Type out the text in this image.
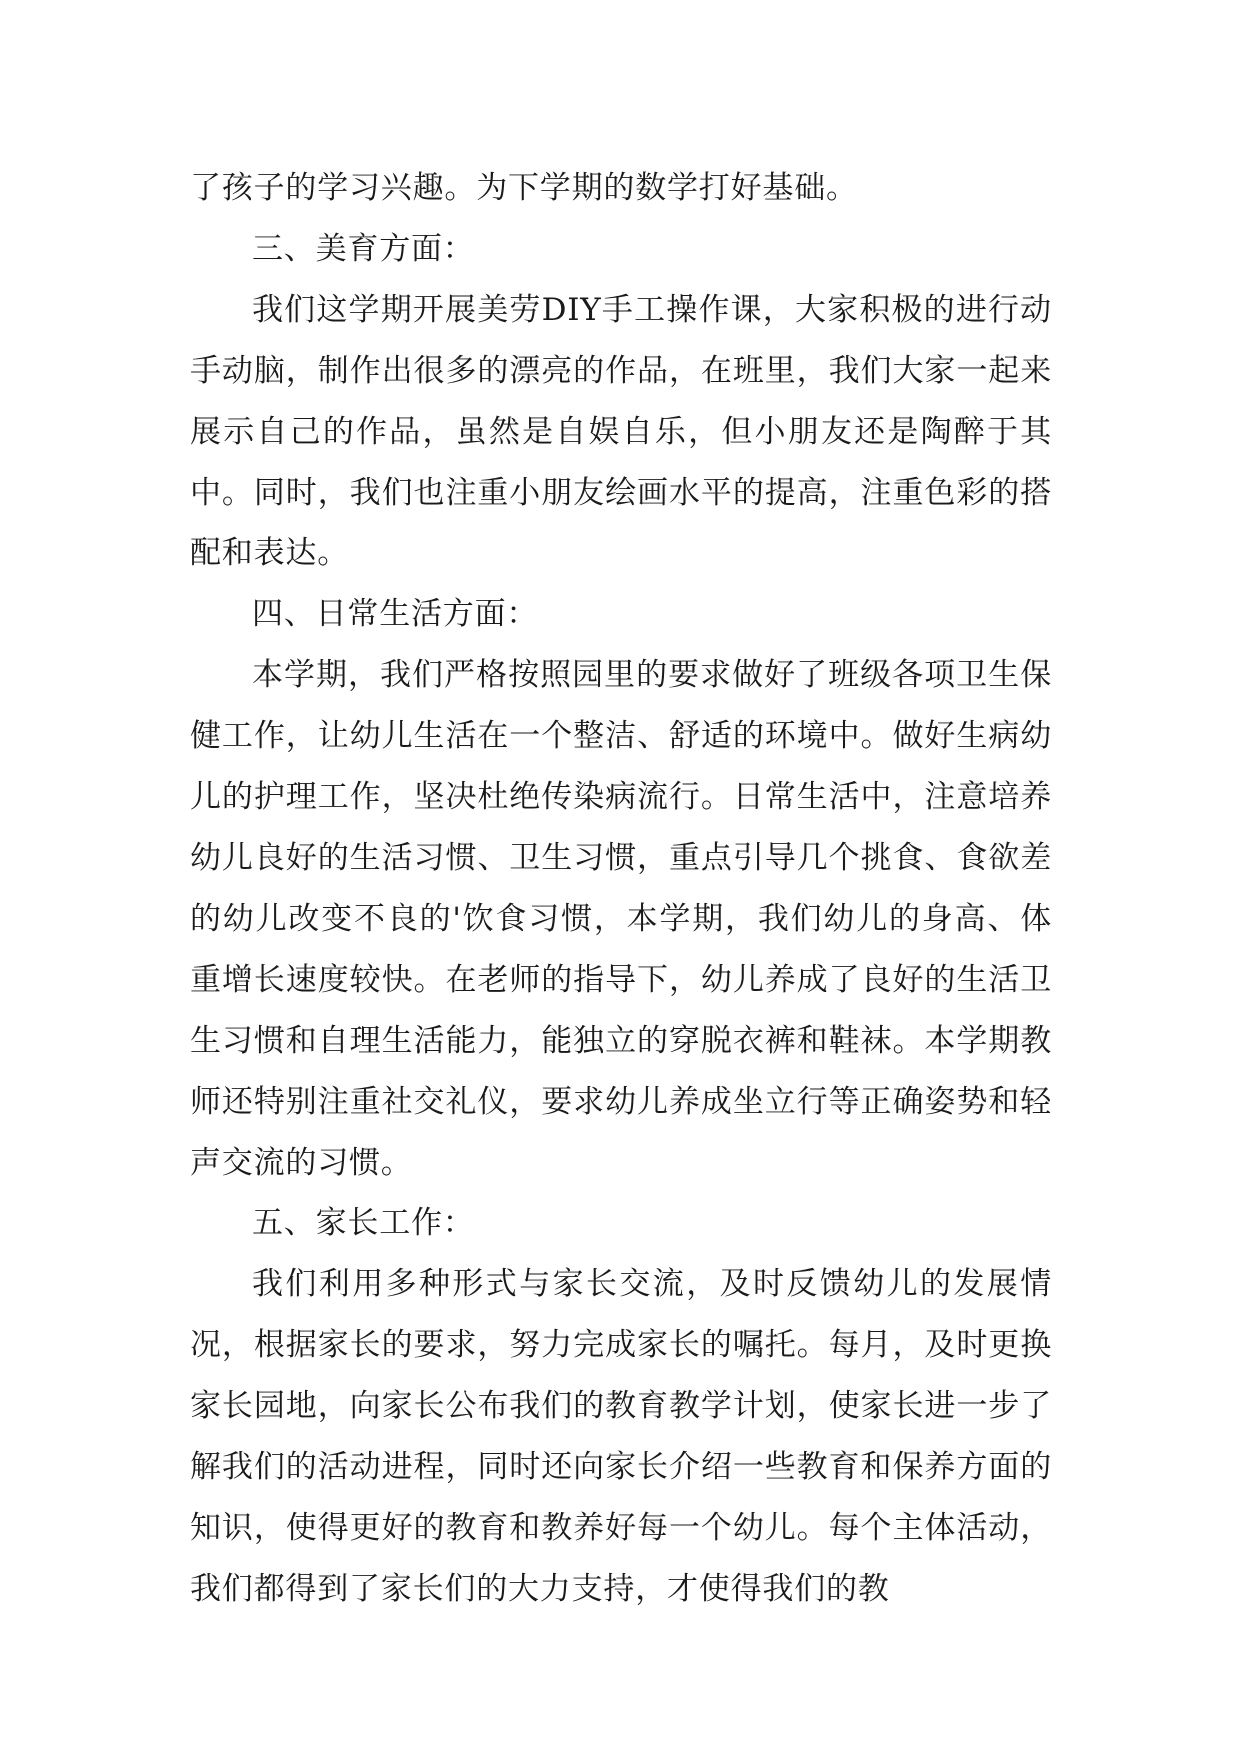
了孩子的学习兴趣。为下学期的数学打好基础。

三、美育方面：

我们这学期开展美劳DIY手工操作课，大家积极的进行动手动脑，制作出很多的漂亮的作品，在班里，我们大家一起来展示自己的作品，虽然是自娱自乐，但小朋友还是陶醉于其中。同时，我们也注重小朋友绘画水平的提高，注重色彩的搭配和表达。

四、日常生活方面：

本学期，我们严格按照园里的要求做好了班级各项卫生保健工作，让幼儿生活在一个整洁、舒适的环境中。做好生病幼儿的护理工作，坚决杜绝传染病流行。日常生活中，注意培养幼儿良好的生活习惯、卫生习惯，重点引导几个挑食、食欲差的幼儿改变不良的'饮食习惯，本学期，我们幼儿的身高、体重增长速度较快。在老师的指导下，幼儿养成了良好的生活卫生习惯和自理生活能力，能独立的穿脱衣裤和鞋袜。本学期教师还特别注重社交礼仪，要求幼儿养成坐立行等正确姿势和轻声交流的习惯。

五、家长工作：

我们利用多种形式与家长交流，及时反馈幼儿的发展情况，根据家长的要求，努力完成家长的嘱托。每月，及时更换家长园地，向家长公布我们的教育教学计划，使家长进一步了解我们的活动进程，同时还向家长介绍一些教育和保养方面的知识，使得更好的教育和教养好每一个幼儿。每个主体活动，我们都得到了家长们的大力支持，才使得我们的教
